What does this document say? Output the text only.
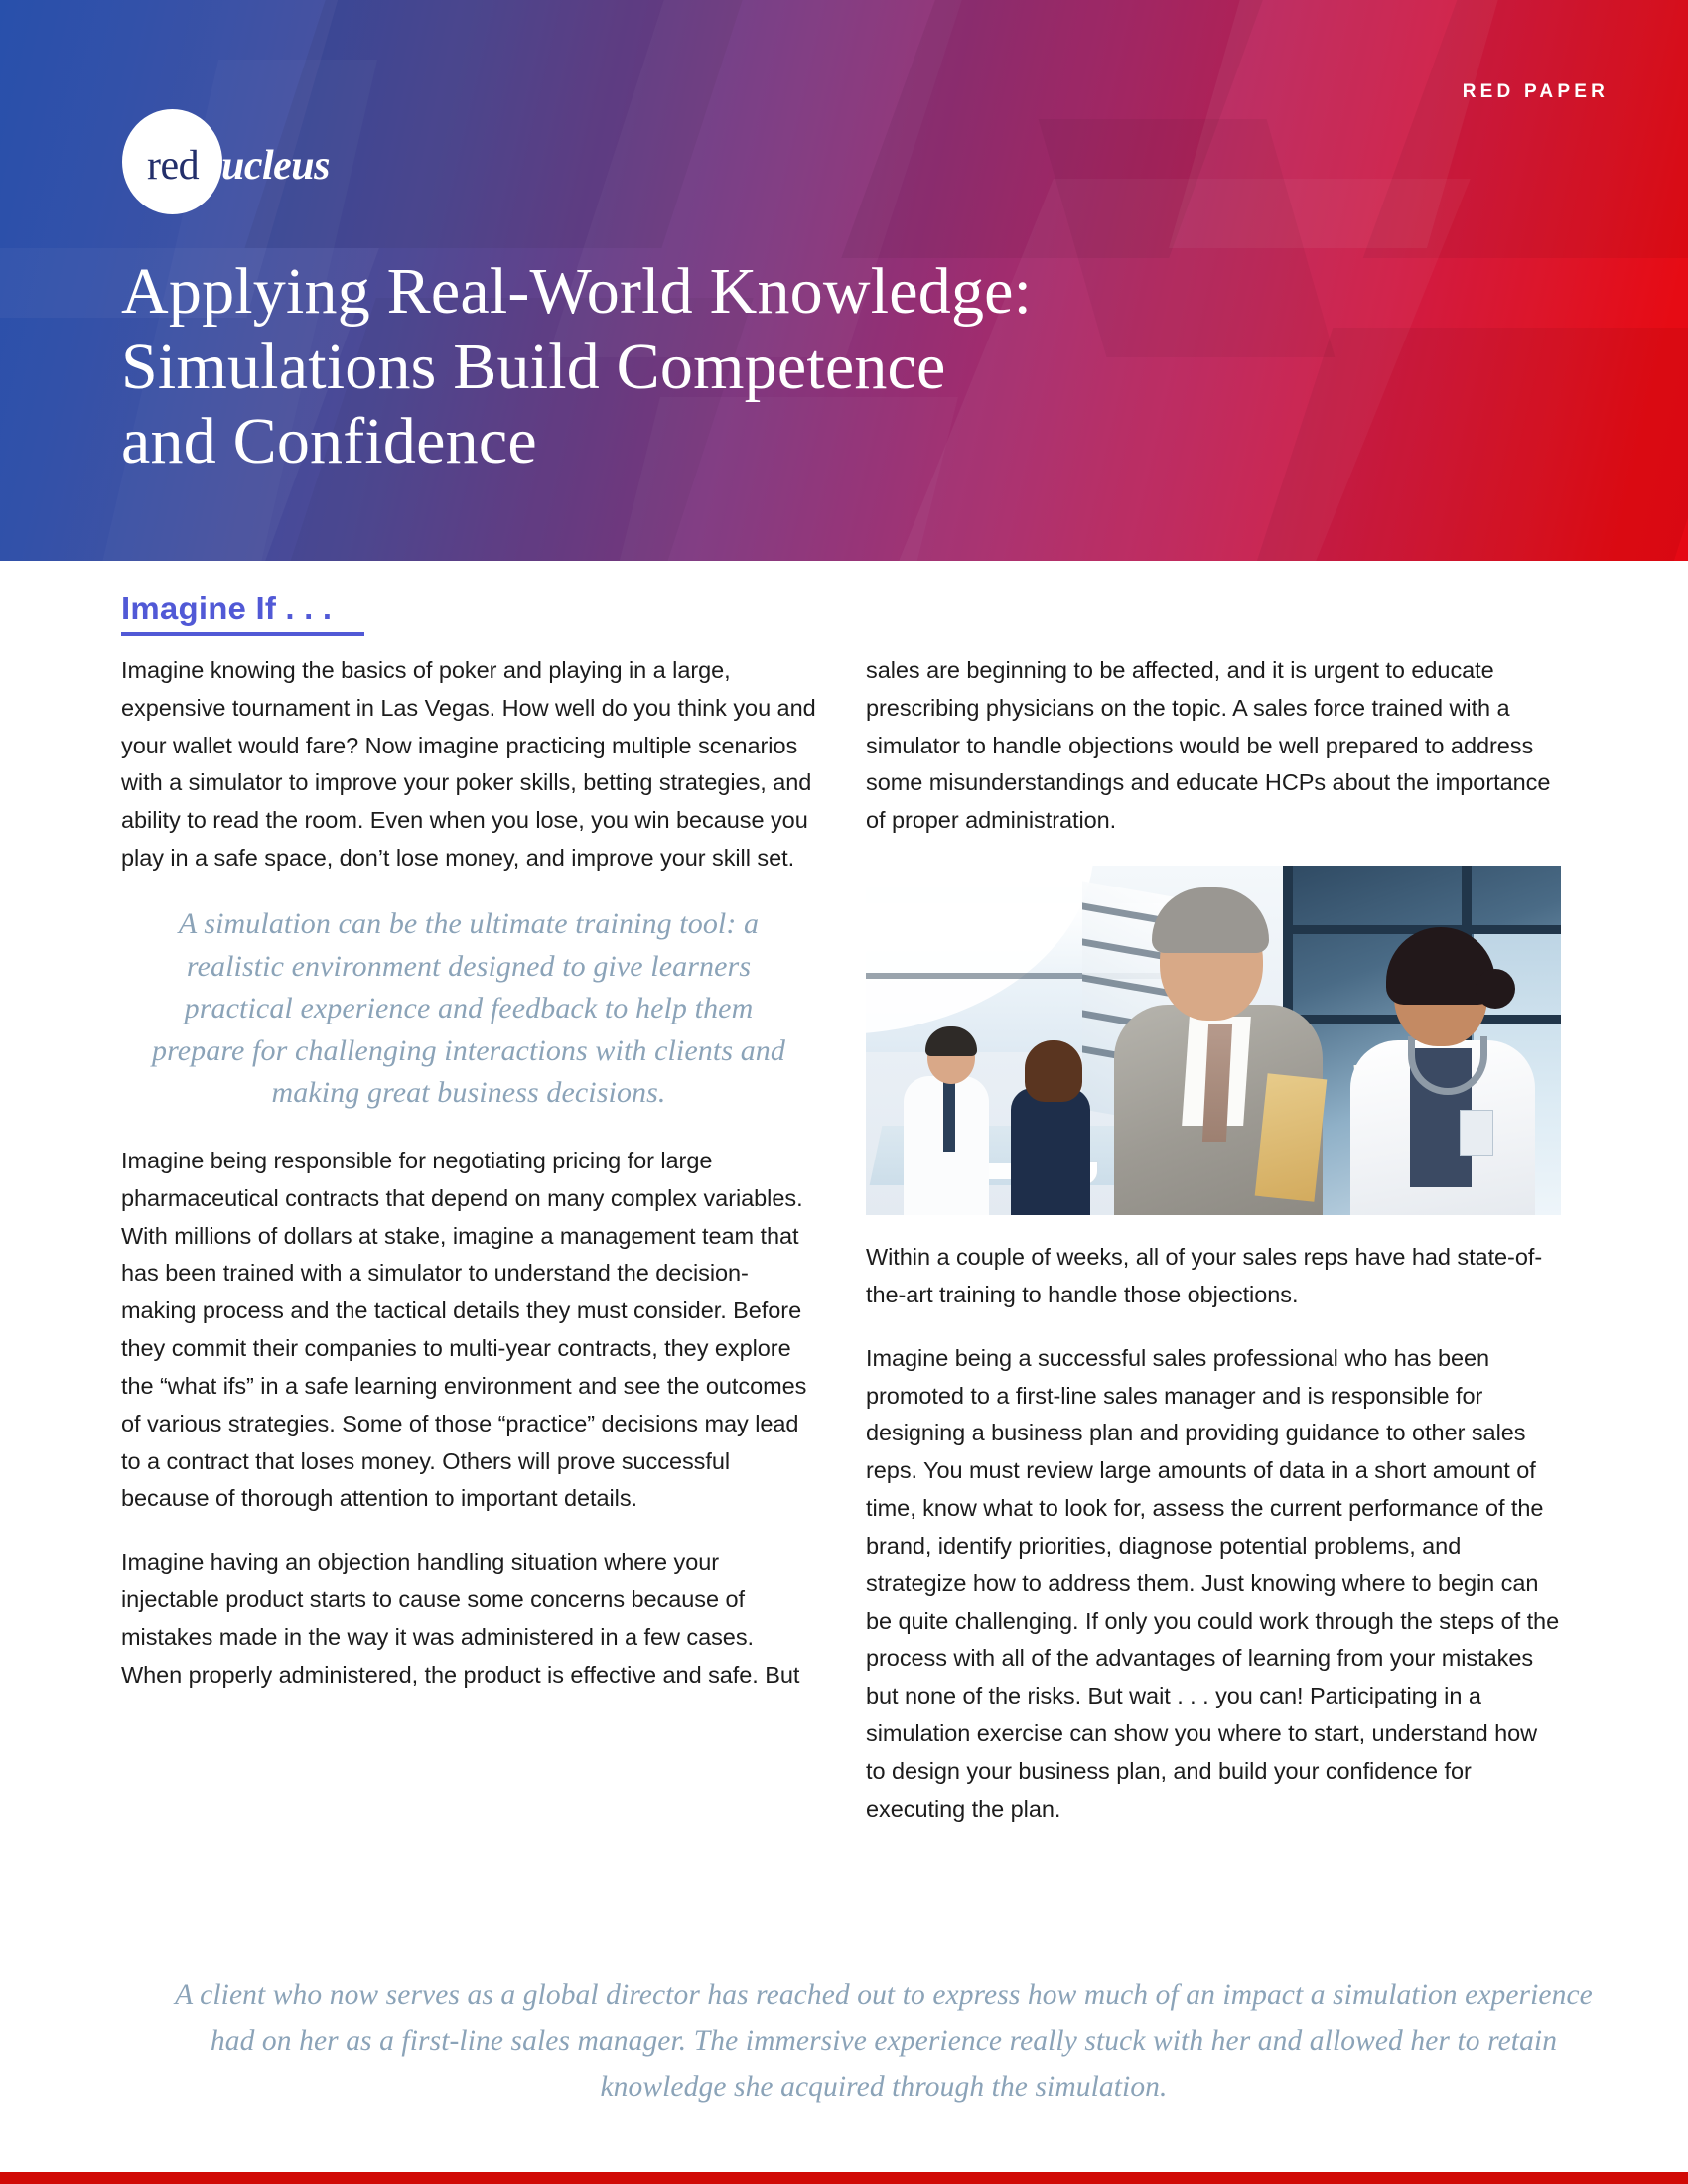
RED PAPER
rednucleus
Applying Real-World Knowledge:
Simulations Build Competence
and Confidence
Imagine If . . .

Imagine knowing the basics of poker and playing in a large, expensive tournament in Las Vegas. How well do you think you and your wallet would fare? Now imagine practicing multiple scenarios with a simulator to improve your poker skills, betting strategies, and ability to read the room. Even when you lose, you win because you play in a safe space, don’t lose money, and improve your skill set.

A simulation can be the ultimate training tool: a realistic environment designed to give learners practical experience and feedback to help them prepare for challenging interactions with clients and making great business decisions.

Imagine being responsible for negotiating pricing for large pharmaceutical contracts that depend on many complex variables. With millions of dollars at stake, imagine a management team that has been trained with a simulator to understand the decision-making process and the tactical details they must consider. Before they commit their companies to multi-year contracts, they explore the “what ifs” in a safe learning environment and see the outcomes of various strategies. Some of those “practice” decisions may lead to a contract that loses money. Others will prove successful because of thorough attention to important details.

Imagine having an objection handling situation where your injectable product starts to cause some concerns because of mistakes made in the way it was administered in a few cases. When properly administered, the product is effective and safe. But

sales are beginning to be affected, and it is urgent to educate prescribing physicians on the topic. A sales force trained with a simulator to handle objections would be well prepared to address some misunderstandings and educate HCPs about the importance of proper administration.

Within a couple of weeks, all of your sales reps have had state-of-the-art training to handle those objections.

Imagine being a successful sales professional who has been promoted to a first-line sales manager and is responsible for designing a business plan and providing guidance to other sales reps. You must review large amounts of data in a short amount of time, know what to look for, assess the current performance of the brand, identify priorities, diagnose potential problems, and strategize how to address them. Just knowing where to begin can be quite challenging. If only you could work through the steps of the process with all of the advantages of learning from your mistakes but none of the risks. But wait . . . you can! Participating in a simulation exercise can show you where to start, understand how to design your business plan, and build your confidence for executing the plan.

A client who now serves as a global director has reached out to express how much of an impact a simulation experience had on her as a first-line sales manager. The immersive experience really stuck with her and allowed her to retain knowledge she acquired through the simulation.
